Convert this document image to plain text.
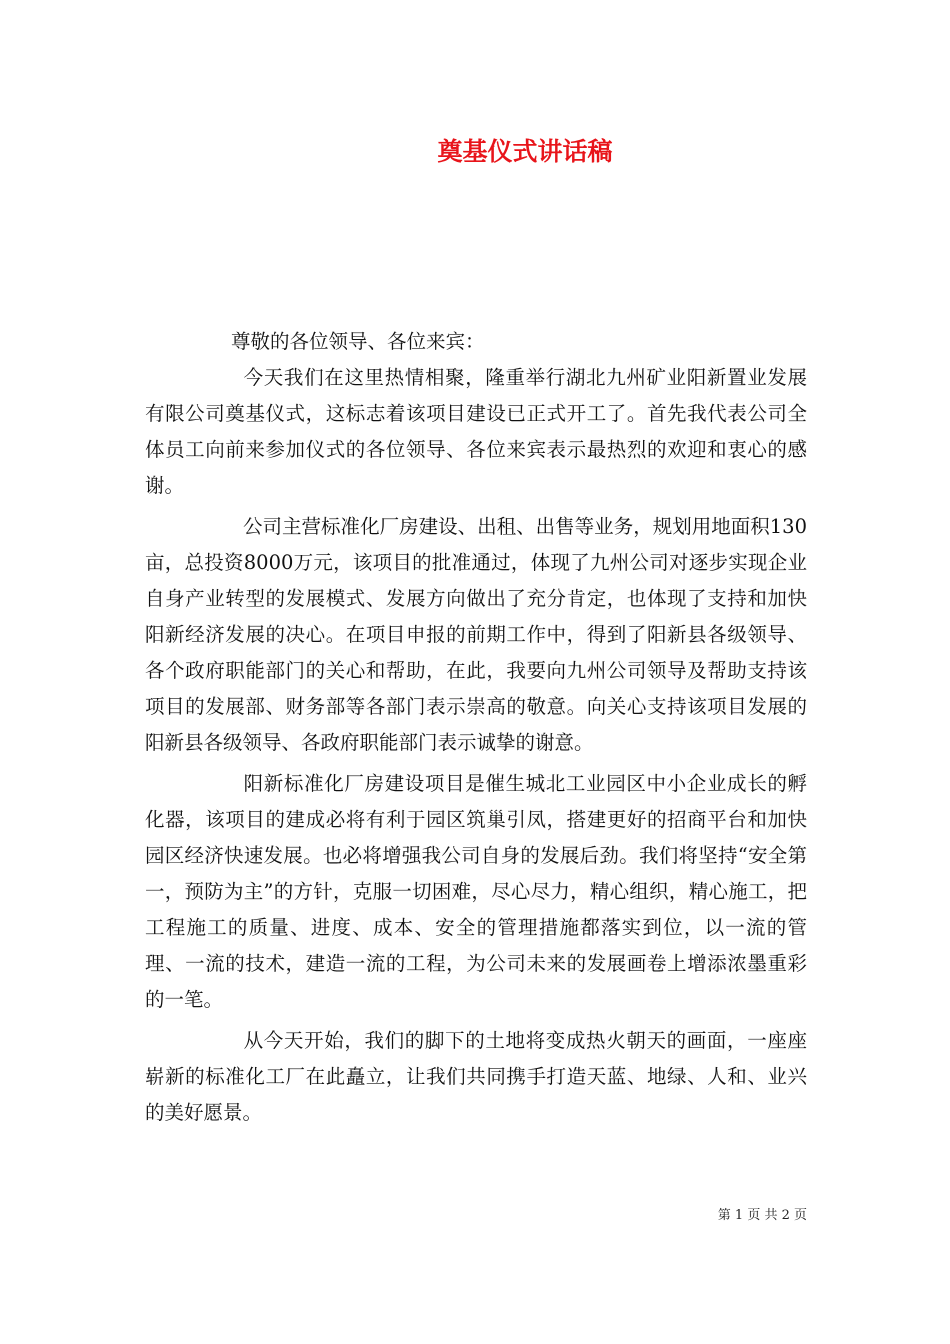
奠基仪式讲话稿
尊敬的各位领导、各位来宾：

今天我们在这里热情相聚，隆重举行湖北九州矿业阳新置业发展有限公司奠基仪式，这标志着该项目建设已正式开工了。首先我代表公司全体员工向前来参加仪式的各位领导、各位来宾表示最热烈的欢迎和衷心的感谢。

公司主营标准化厂房建设、出租、出售等业务，规划用地面积130亩，总投资8000万元，该项目的批准通过，体现了九州公司对逐步实现企业自身产业转型的发展模式、发展方向做出了充分肯定，也体现了支持和加快阳新经济发展的决心。在项目申报的前期工作中，得到了阳新县各级领导、各个政府职能部门的关心和帮助，在此，我要向九州公司领导及帮助支持该项目的发展部、财务部等各部门表示崇高的敬意。向关心支持该项目发展的阳新县各级领导、各政府职能部门表示诚挚的谢意。

阳新标准化厂房建设项目是催生城北工业园区中小企业成长的孵化器，该项目的建成必将有利于园区筑巢引凤，搭建更好的招商平台和加快园区经济快速发展。也必将增强我公司自身的发展后劲。我们将坚持“安全第一，预防为主”的方针，克服一切困难，尽心尽力，精心组织，精心施工，把工程施工的质量、进度、成本、安全的管理措施都落实到位，以一流的管理、一流的技术，建造一流的工程，为公司未来的发展画卷上增添浓墨重彩的一笔。

从今天开始，我们的脚下的土地将变成热火朝天的画面，一座座崭新的标准化工厂在此矗立，让我们共同携手打造天蓝、地绿、人和、业兴的美好愿景。

第 1 页 共 2 页
